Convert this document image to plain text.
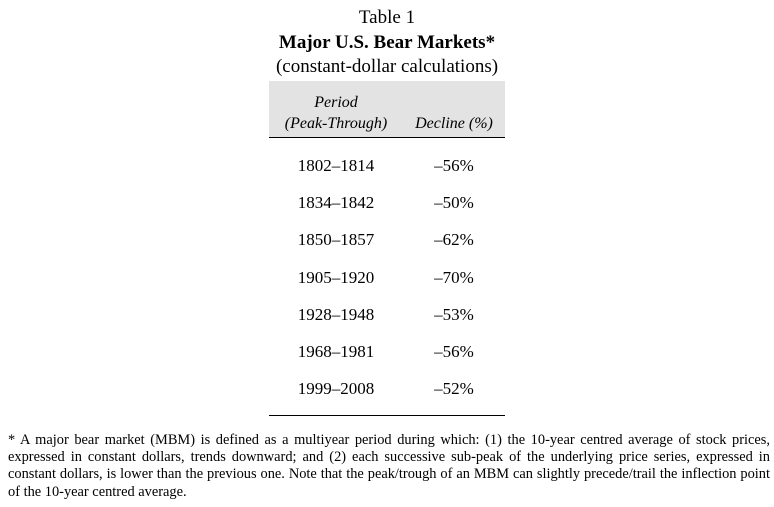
Table 1
Major U.S. Bear Markets*
(constant-dollar calculations)
Period
(Peak-Through)	Decline (%)
1802–1814	–56%
1834–1842	–50%
1850–1857	–62%
1905–1920	–70%
1928–1948	–53%
1968–1981	–56%
1999–2008	–52%
* A major bear market (MBM) is defined as a multiyear period during which: (1) the 10-year centred average of stock prices, expressed in constant dollars, trends downward; and (2) each successive sub-peak of the underlying price series, expressed in constant dollars, is lower than the previous one. Note that the peak/trough of an MBM can slightly precede/trail the inflection point of the 10-year centred average.
